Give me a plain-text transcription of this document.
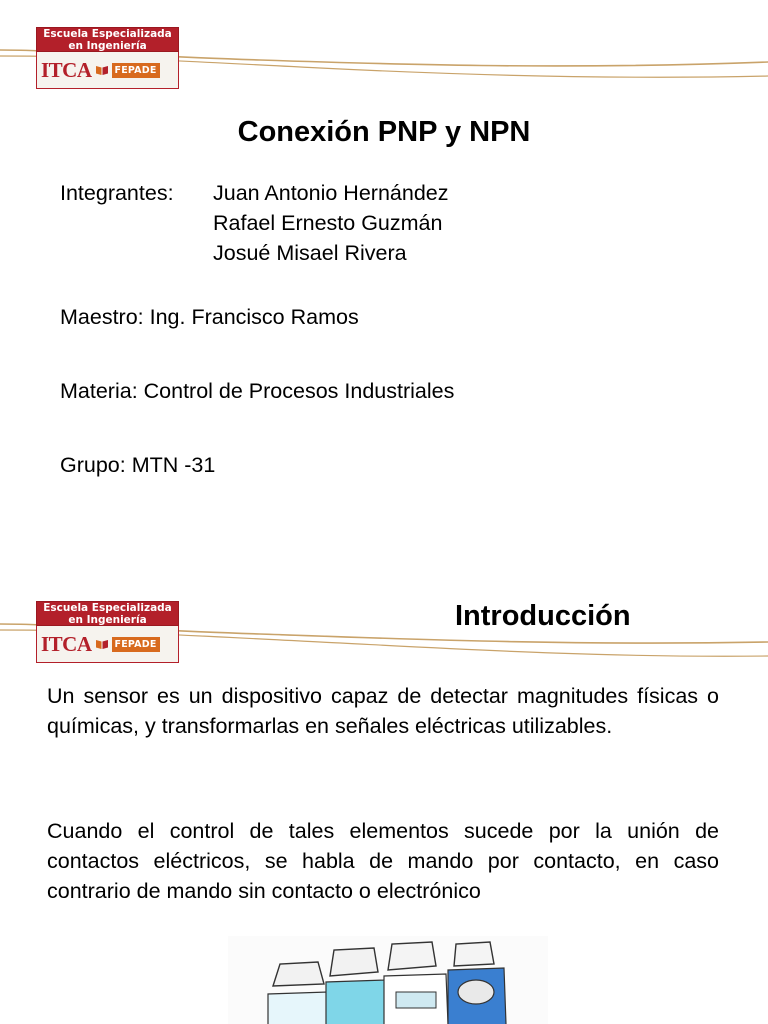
Escuela Especializada
en Ingeniería
ITCA	FEPADE
Conexión PNP y NPN
Integrantes:	Juan Antonio Hernández
Rafael Ernesto Guzmán
Josué Misael Rivera
Maestro: Ing. Francisco Ramos
Materia: Control de Procesos Industriales
Grupo: MTN -31
Escuela Especializada
en Ingeniería
ITCA	FEPADE
Introducción

Un sensor es un dispositivo capaz de detectar magnitudes físicas o químicas, y transformarlas en señales eléctricas utilizables.

Cuando el control de tales elementos sucede por la unión de contactos eléctricos, se habla de mando por contacto, en caso contrario de mando sin contacto o electrónico
